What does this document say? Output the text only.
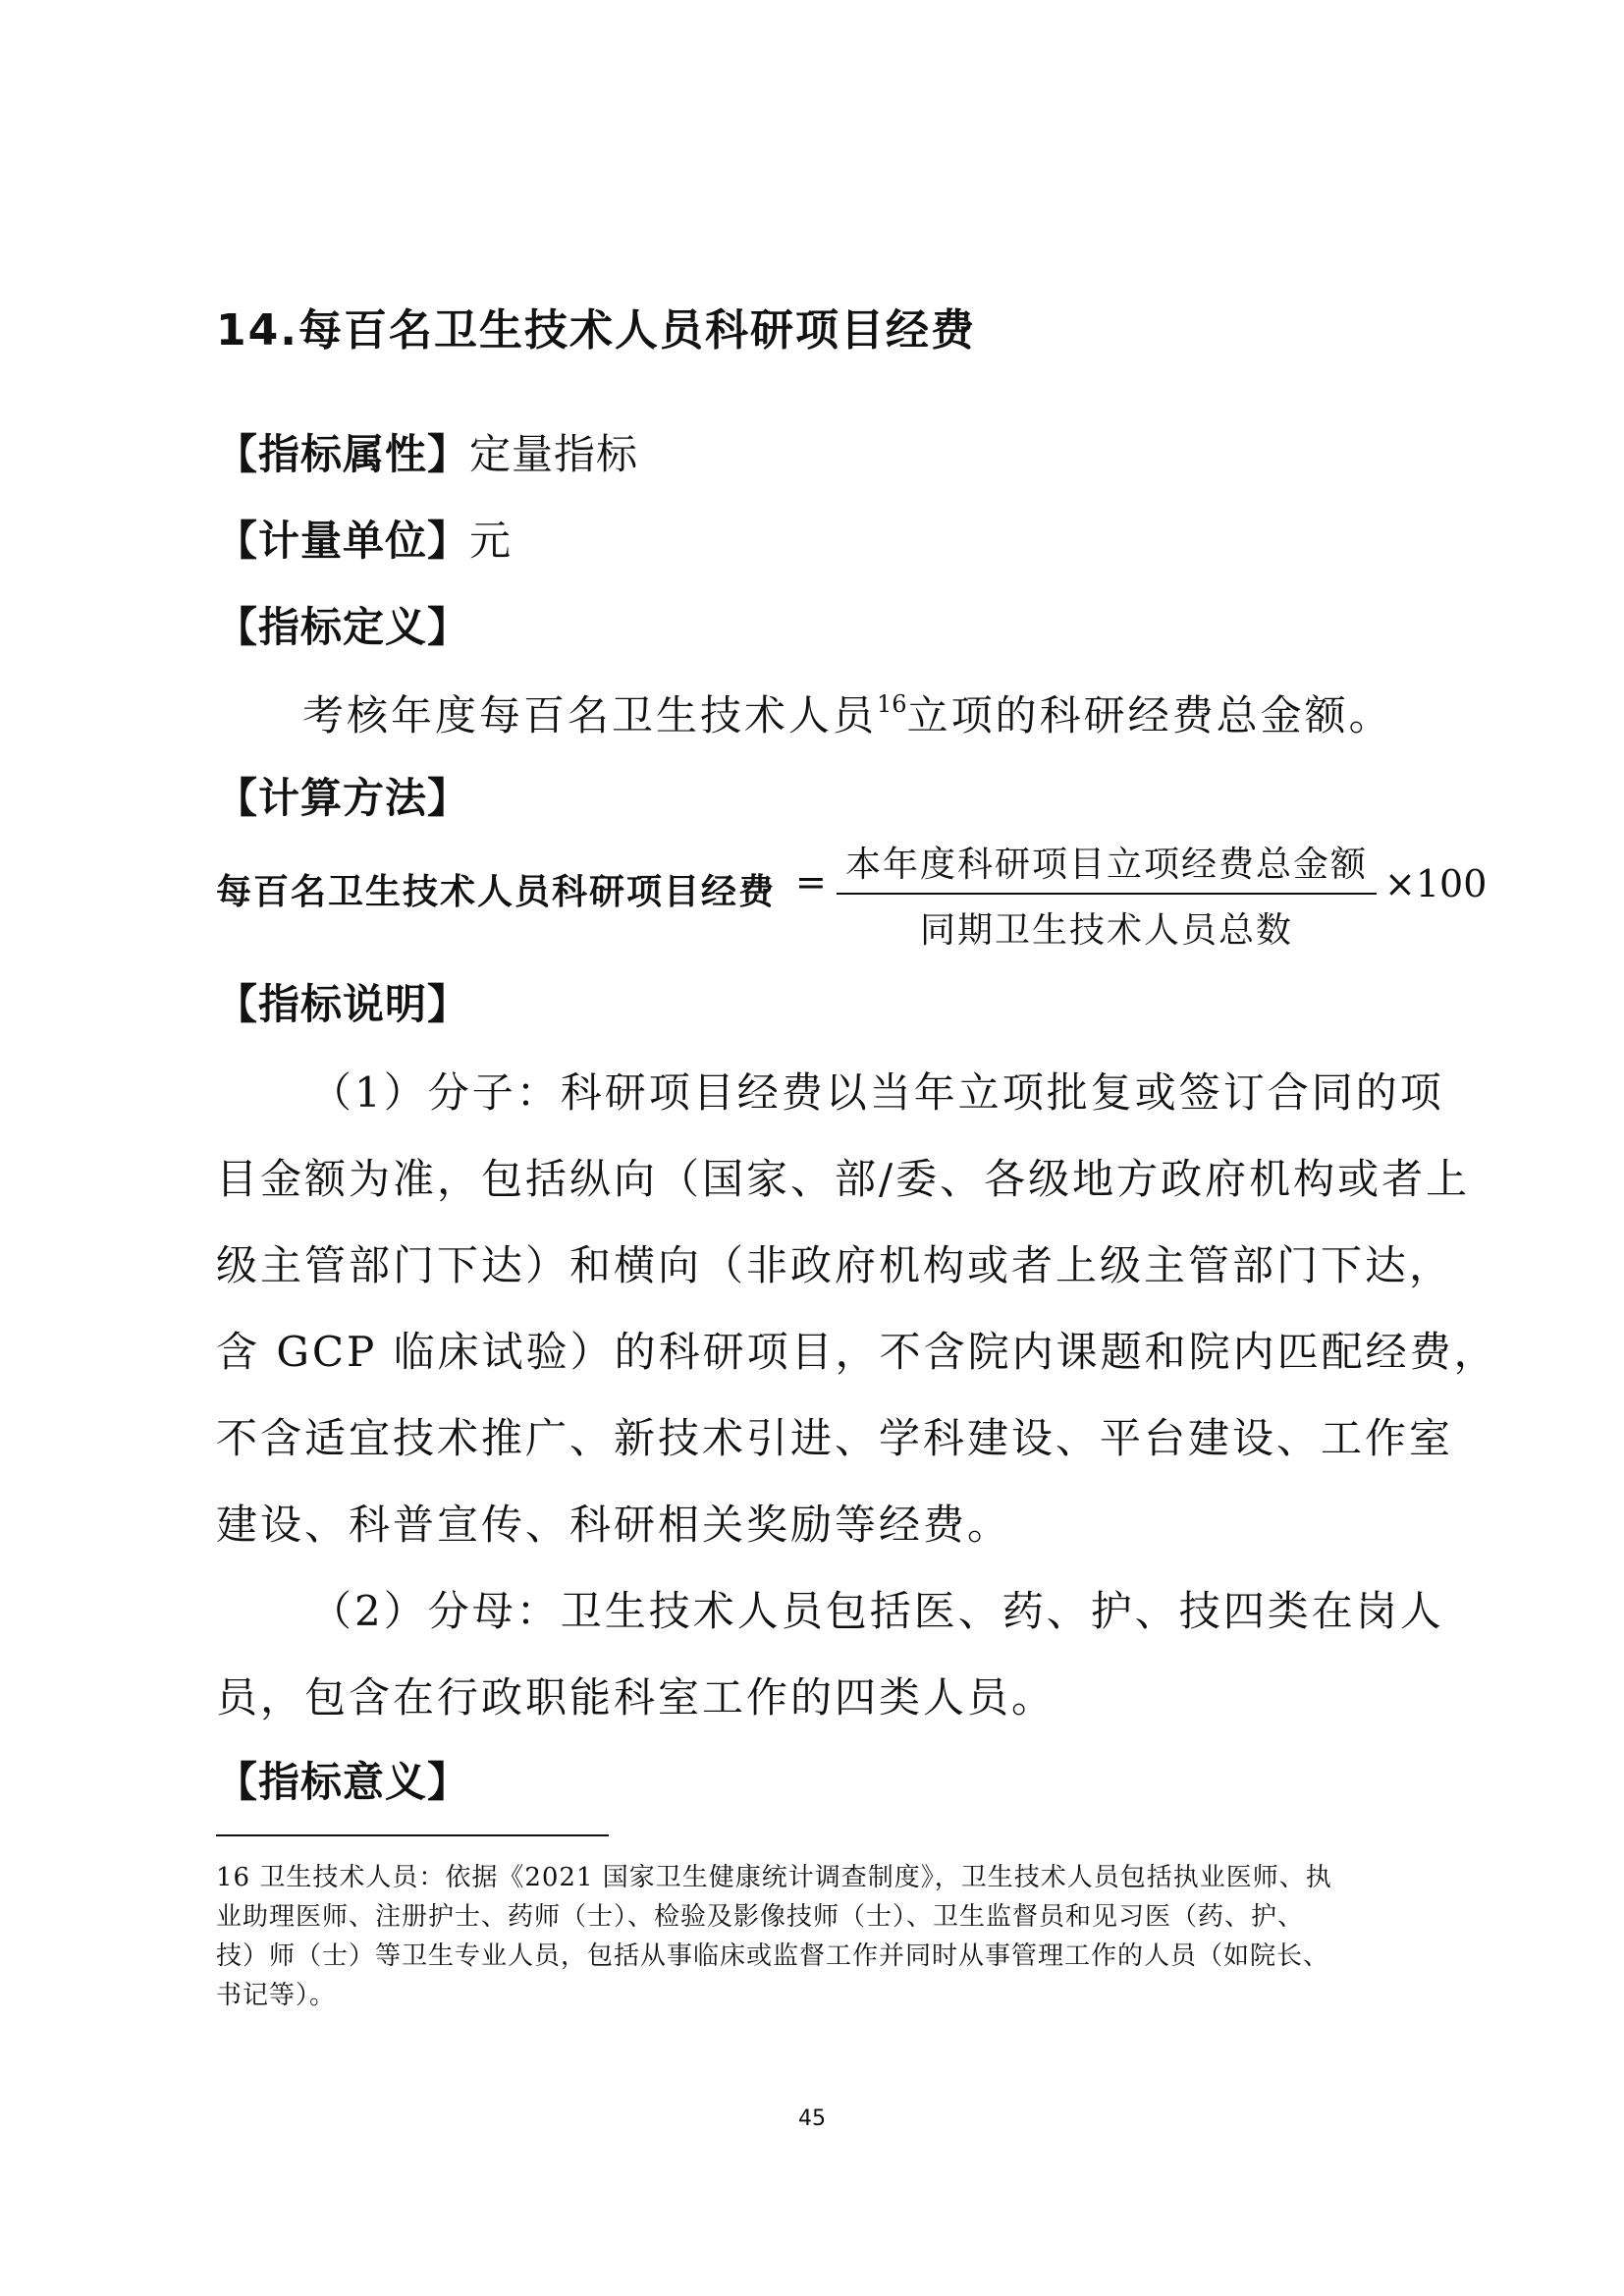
14.每百名卫生技术人员科研项目经费
【指标属性】定量指标
【计量单位】元
【指标定义】
考核年度每百名卫生技术人员$^{16}$立项的科研经费总金额。
【计算方法】
每百名卫生技术人员科研项目经费 = 本年度科研项目立项经费总金额
同期卫生技术人员总数
×100
【指标说明】
（1）分子：科研项目经费以当年立项批复或签订合同的项
目金额为准，包括纵向（国家、部/委、各级地方政府机构或者上
级主管部门下达）和横向（非政府机构或者上级主管部门下达，
含 GCP 临床试验）的科研项目，不含院内课题和院内匹配经费，
不含适宜技术推广、新技术引进、学科建设、平台建设、工作室
建设、科普宣传、科研相关奖励等经费。
（2）分母：卫生技术人员包括医、药、护、技四类在岗人
员，包含在行政职能科室工作的四类人员。
【指标意义】
16 卫生技术人员：依据《2021 国家卫生健康统计调查制度》，卫生技术人员包括执业医师、执
业助理医师、注册护士、药师（士）、检验及影像技师（士）、卫生监督员和见习医（药、护、
技）师（士）等卫生专业人员，包括从事临床或监督工作并同时从事管理工作的人员（如院长、
书记等）。
45
